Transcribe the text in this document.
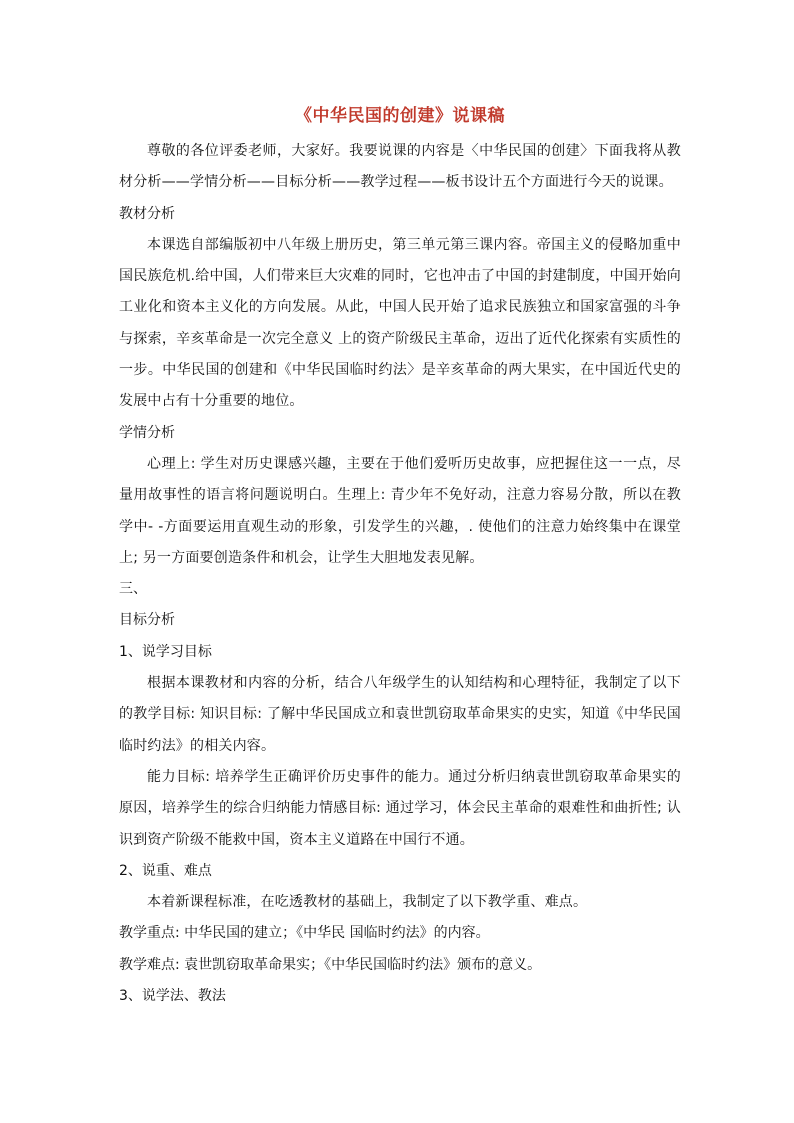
《中华民国的创建》说课稿

尊敬的各位评委老师，大家好。我要说课的内容是〈中华民国的创建〉下面我将从教材分析——学情分析——目标分析——教学过程——板书设计五个方面进行今天的说课。

教材分析

本课选自部编版初中八年级上册历史，第三单元第三课内容。帝国主义的侵略加重中国民族危机.给中国，人们带来巨大灾难的同时，它也冲击了中国的封建制度，中国开始向工业化和资本主义化的方向发展。从此，中国人民开始了追求民族独立和国家富强的斗争与探索，辛亥革命是一次完全意义 上的资产阶级民主革命，迈出了近代化探索有实质性的一步。中华民国的创建和《中华民国临时约法〉是辛亥革命的两大果实，在中国近代史的发展中占有十分重要的地位。

学情分析

心理上: 学生对历史课感兴趣，主要在于他们爱听历史故事，应把握住这一一点，尽量用故事性的语言将问题说明白。生理上: 青少年不免好动，注意力容易分散，所以在教学中- -方面要运用直观生动的形象，引发学生的兴趣，. 使他们的注意力始终集中在课堂上; 另一方面要创造条件和机会，让学生大胆地发表见解。

三、

目标分析

1、说学习目标

根据本课教材和内容的分析，结合八年级学生的认知结构和心理特征，我制定了以下的教学目标: 知识目标: 了解中华民国成立和袁世凯窃取革命果实的史实，知道《中华民国临时约法》的相关内容。

能力目标: 培养学生正确评价历史事件的能力。通过分析归纳袁世凯窃取革命果实的原因，培养学生的综合归纳能力情感目标: 通过学习，体会民主革命的艰难性和曲折性; 认识到资产阶级不能救中国，资本主义道路在中国行不通。

2、说重、难点

本着新课程标准，在吃透教材的基础上，我制定了以下教学重、难点。

教学重点: 中华民国的建立；《中华民 国临时约法》的内容。

教学难点: 袁世凯窃取革命果实；《中华民国临时约法》颁布的意义。

3、说学法、教法
